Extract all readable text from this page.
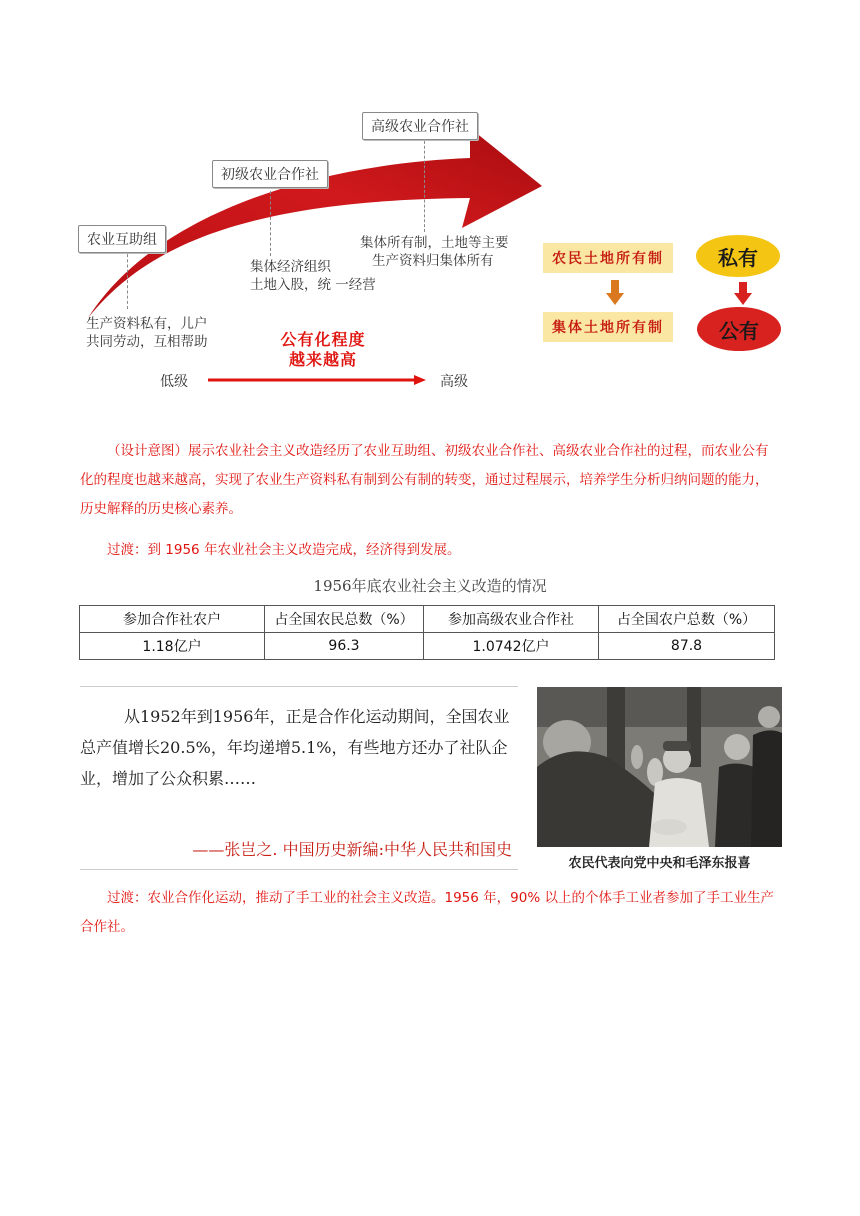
农业互助组
初级农业合作社
高级农业合作社
生产资料私有，儿户
共同劳动，互相帮助
集体经济组织
土地入股，统 一经营
集体所有制，土地等主要
生产资料归集体所有
公有化程度
越来越高
低级	高级
农民土地所有制
集体土地所有制
私有
公有
（设计意图）展示农业社会主义改造经历了农业互助组、初级农业合作社、高级农业合作社的过程，而农业公有化的程度也越来越高，实现了农业生产资料私有制到公有制的转变，通过过程展示，培养学生分析归纳问题的能力，历史解释的历史核心素养。
过渡：到 1956 年农业社会主义改造完成，经济得到发展。
1956年底农业社会主义改造的情况
参加合作社农户	占全国农民总数（%）	参加高级农业合作社	占全国农户总数（%）
1.18亿户	96.3	1.0742亿户	87.8
从1952年到1956年，正是合作化运动期间，全国农业总产值增长20.5%，年均递增5.1%，有些地方还办了社队企业，增加了公众积累……
——张岂之. 中国历史新编:中华人民共和国史
农民代表向党中央和毛泽东报喜
过渡：农业合作化运动，推动了手工业的社会主义改造。1956 年，90% 以上的个体手工业者参加了手工业生产合作社。
